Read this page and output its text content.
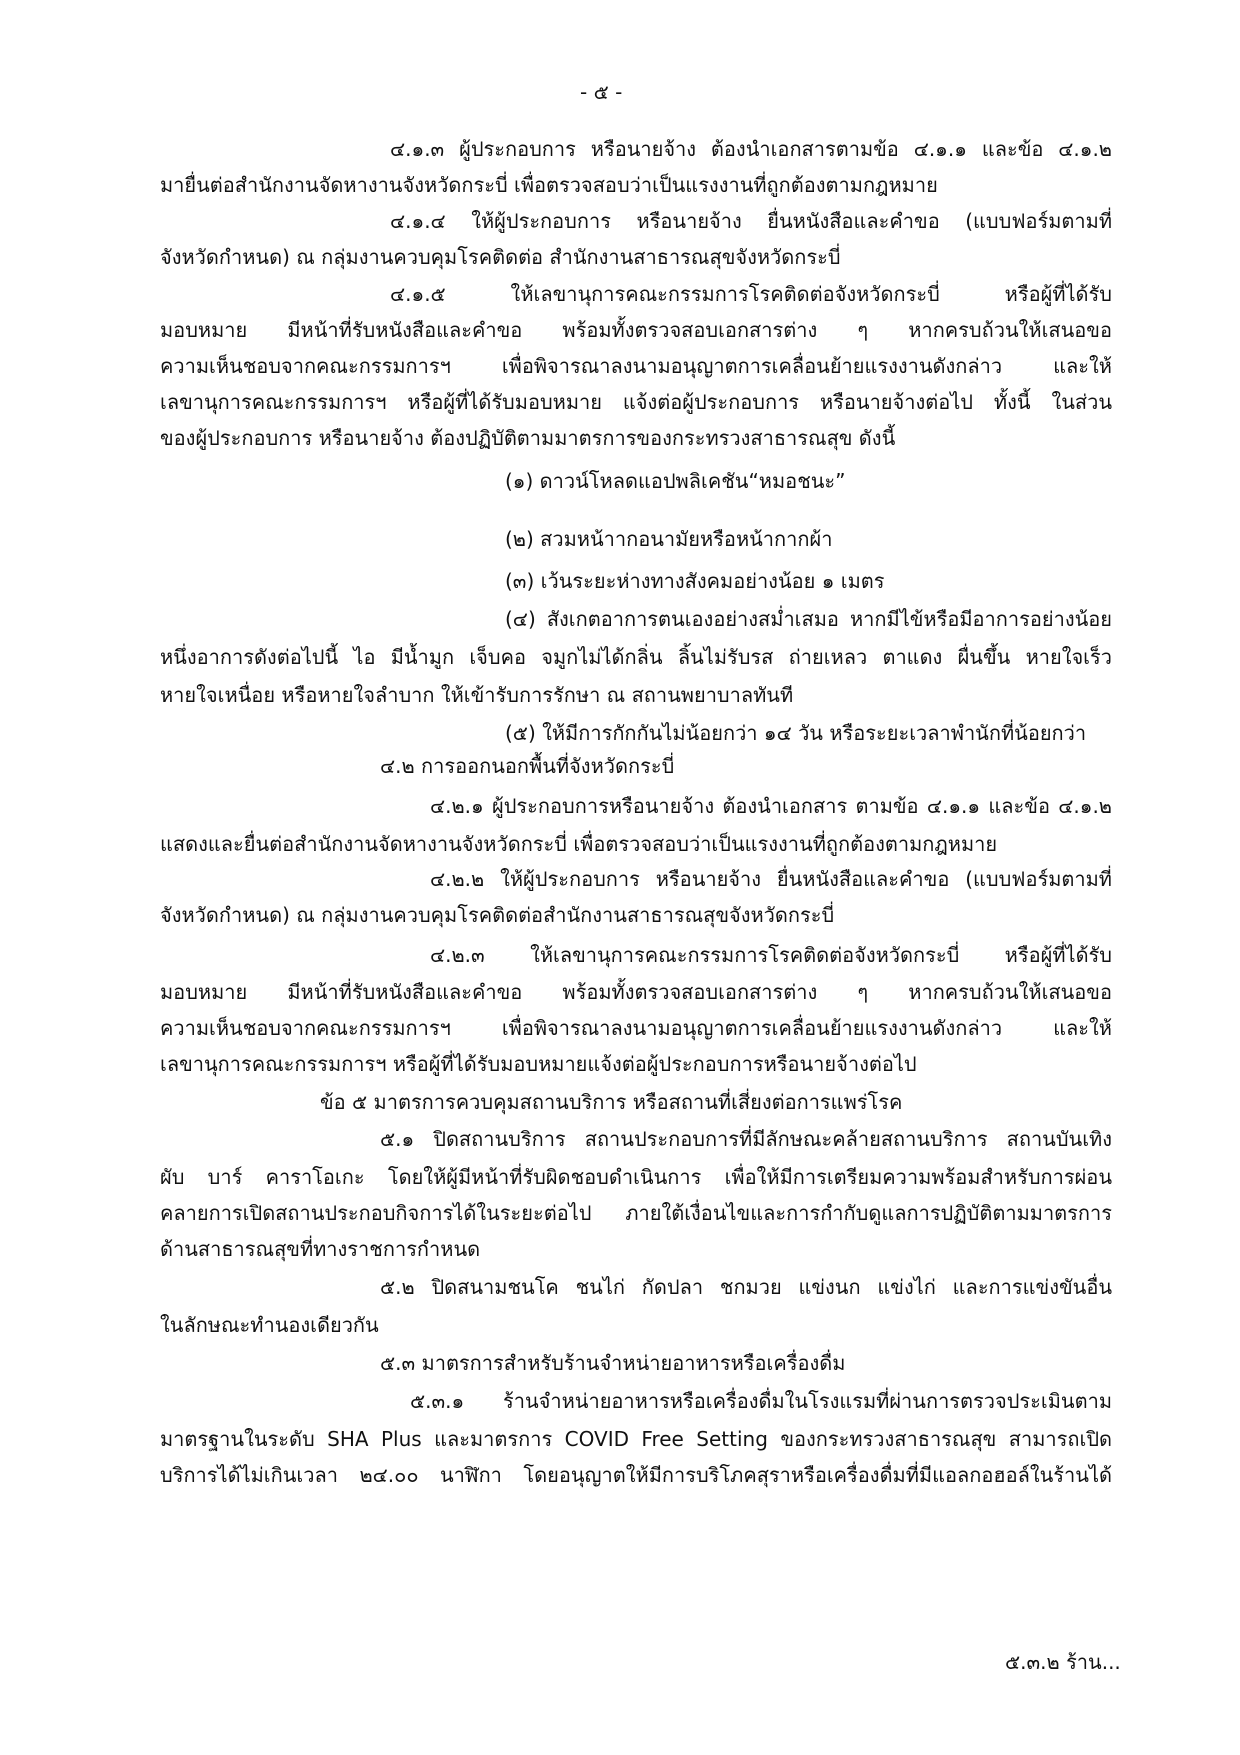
- ๕ -
๔.๑.๓ ผู้ประกอบการ หรือนายจ้าง ต้องนำเอกสารตามข้อ ๔.๑.๑ และข้อ ๔.๑.๒
มายื่นต่อสำนักงานจัดหางานจังหวัดกระบี่ เพื่อตรวจสอบว่าเป็นแรงงานที่ถูกต้องตามกฎหมาย
๔.๑.๔ ให้ผู้ประกอบการ หรือนายจ้าง ยื่นหนังสือและคำขอ (แบบฟอร์มตามที่
จังหวัดกำหนด) ณ กลุ่มงานควบคุมโรคติดต่อ สำนักงานสาธารณสุขจังหวัดกระบี่
๔.๑.๕ ให้เลขานุการคณะกรรมการโรคติดต่อจังหวัดกระบี่ หรือผู้ที่ได้รับ
มอบหมาย มีหน้าที่รับหนังสือและคำขอ พร้อมทั้งตรวจสอบเอกสารต่าง ๆ หากครบถ้วนให้เสนอขอ
ความเห็นชอบจากคณะกรรมการฯ เพื่อพิจารณาลงนามอนุญาตการเคลื่อนย้ายแรงงานดังกล่าว และให้
เลขานุการคณะกรรมการฯ หรือผู้ที่ได้รับมอบหมาย แจ้งต่อผู้ประกอบการ หรือนายจ้างต่อไป ทั้งนี้ ในส่วน
ของผู้ประกอบการ หรือนายจ้าง ต้องปฏิบัติตามมาตรการของกระทรวงสาธารณสุข ดังนี้
(๑) ดาวน์โหลดแอปพลิเคชัน“หมอชนะ”
(๒) สวมหน้าากอนามัยหรือหน้ากากผ้า
(๓) เว้นระยะห่างทางสังคมอย่างน้อย ๑ เมตร
(๔) สังเกตอาการตนเองอย่างสม่ำเสมอ หากมีไข้หรือมีอาการอย่างน้อย
หนึ่งอาการดังต่อไปนี้ ไอ มีน้ำมูก เจ็บคอ จมูกไม่ได้กลิ่น ลิ้นไม่รับรส ถ่ายเหลว ตาแดง ผื่นขึ้น หายใจเร็ว
หายใจเหนื่อย หรือหายใจลำบาก ให้เข้ารับการรักษา ณ สถานพยาบาลทันที
(๕) ให้มีการกักกันไม่น้อยกว่า ๑๔ วัน หรือระยะเวลาพำนักที่น้อยกว่า
๔.๒ การออกนอกพื้นที่จังหวัดกระบี่
๔.๒.๑ ผู้ประกอบการหรือนายจ้าง ต้องนำเอกสาร ตามข้อ ๔.๑.๑ และข้อ ๔.๑.๒
แสดงและยื่นต่อสำนักงานจัดหางานจังหวัดกระบี่ เพื่อตรวจสอบว่าเป็นแรงงานที่ถูกต้องตามกฎหมาย
๔.๒.๒ ให้ผู้ประกอบการ หรือนายจ้าง ยื่นหนังสือและคำขอ (แบบฟอร์มตามที่
จังหวัดกำหนด) ณ กลุ่มงานควบคุมโรคติดต่อสำนักงานสาธารณสุขจังหวัดกระบี่
๔.๒.๓ ให้เลขานุการคณะกรรมการโรคติดต่อจังหวัดกระบี่ หรือผู้ที่ได้รับ
มอบหมาย มีหน้าที่รับหนังสือและคำขอ พร้อมทั้งตรวจสอบเอกสารต่าง ๆ หากครบถ้วนให้เสนอขอ
ความเห็นชอบจากคณะกรรมการฯ เพื่อพิจารณาลงนามอนุญาตการเคลื่อนย้ายแรงงานดังกล่าว และให้
เลขานุการคณะกรรมการฯ หรือผู้ที่ได้รับมอบหมายแจ้งต่อผู้ประกอบการหรือนายจ้างต่อไป
ข้อ ๕ มาตรการควบคุมสถานบริการ หรือสถานที่เสี่ยงต่อการแพร่โรค
๕.๑ ปิดสถานบริการ สถานประกอบการที่มีลักษณะคล้ายสถานบริการ สถานบันเทิง
ผับ บาร์ คาราโอเกะ โดยให้ผู้มีหน้าที่รับผิดชอบดำเนินการ เพื่อให้มีการเตรียมความพร้อมสำหรับการผ่อน
คลายการเปิดสถานประกอบกิจการได้ในระยะต่อไป ภายใต้เงื่อนไขและการกำกับดูแลการปฏิบัติตามมาตรการ
ด้านสาธารณสุขที่ทางราชการกำหนด
๕.๒ ปิดสนามชนโค ชนไก่ กัดปลา ชกมวย แข่งนก แข่งไก่ และการแข่งขันอื่น
ในลักษณะทำนองเดียวกัน
๕.๓ มาตรการสำหรับร้านจำหน่ายอาหารหรือเครื่องดื่ม
๕.๓.๑ ร้านจำหน่ายอาหารหรือเครื่องดื่มในโรงแรมที่ผ่านการตรวจประเมินตาม
มาตรฐานในระดับ SHA Plus และมาตรการ COVID Free Setting ของกระทรวงสาธารณสุข สามารถเปิด
บริการได้ไม่เกินเวลา ๒๔.๐๐ นาฬิกา โดยอนุญาตให้มีการบริโภคสุราหรือเครื่องดื่มที่มีแอลกอฮอล์ในร้านได้
๕.๓.๒ ร้าน...
